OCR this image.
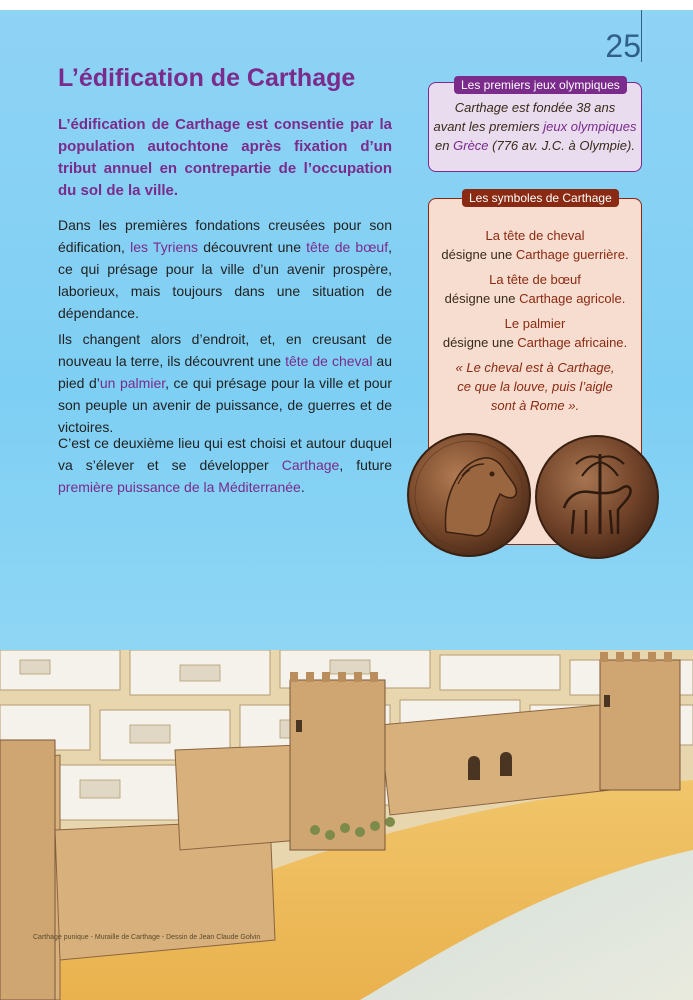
25
L’édification de Carthage

L’édification de Carthage est consentie par la population autochtone après fixation d’un tribut annuel en contrepartie de l’occupation du sol de la ville.

Dans les premières fondations creusées pour son édification, les Tyriens découvrent une tête de bœuf, ce qui présage pour la ville d’un avenir prospère, laborieux, mais toujours dans une situation de dépendance.

Ils changent alors d’endroit, et, en creusant de nouveau la terre, ils découvrent une tête de cheval au pied d’un palmier, ce qui présage pour la ville et pour son peuple un avenir de puissance, de guerres et de victoires.

C’est ce deuxième lieu qui est choisi et autour duquel va s’élever et se développer Carthage, future première puissance de la Méditerranée.

Les premiers jeux olympiques
Carthage est fondée 38 ans
avant les premiers jeux olympiques
en Grèce (776 av. J.C. à Olympie).
Les symboles de Carthage
La tête de cheval
désigne une Carthage guerrière.
La tête de bœuf
désigne une Carthage agricole.
Le palmier
désigne une Carthage africaine.
« Le cheval est à Carthage,
ce que la louve, puis l’aigle
sont à Rome ».
Carthage punique - Muraille de Carthage - Dessin de Jean Claude Golvin
